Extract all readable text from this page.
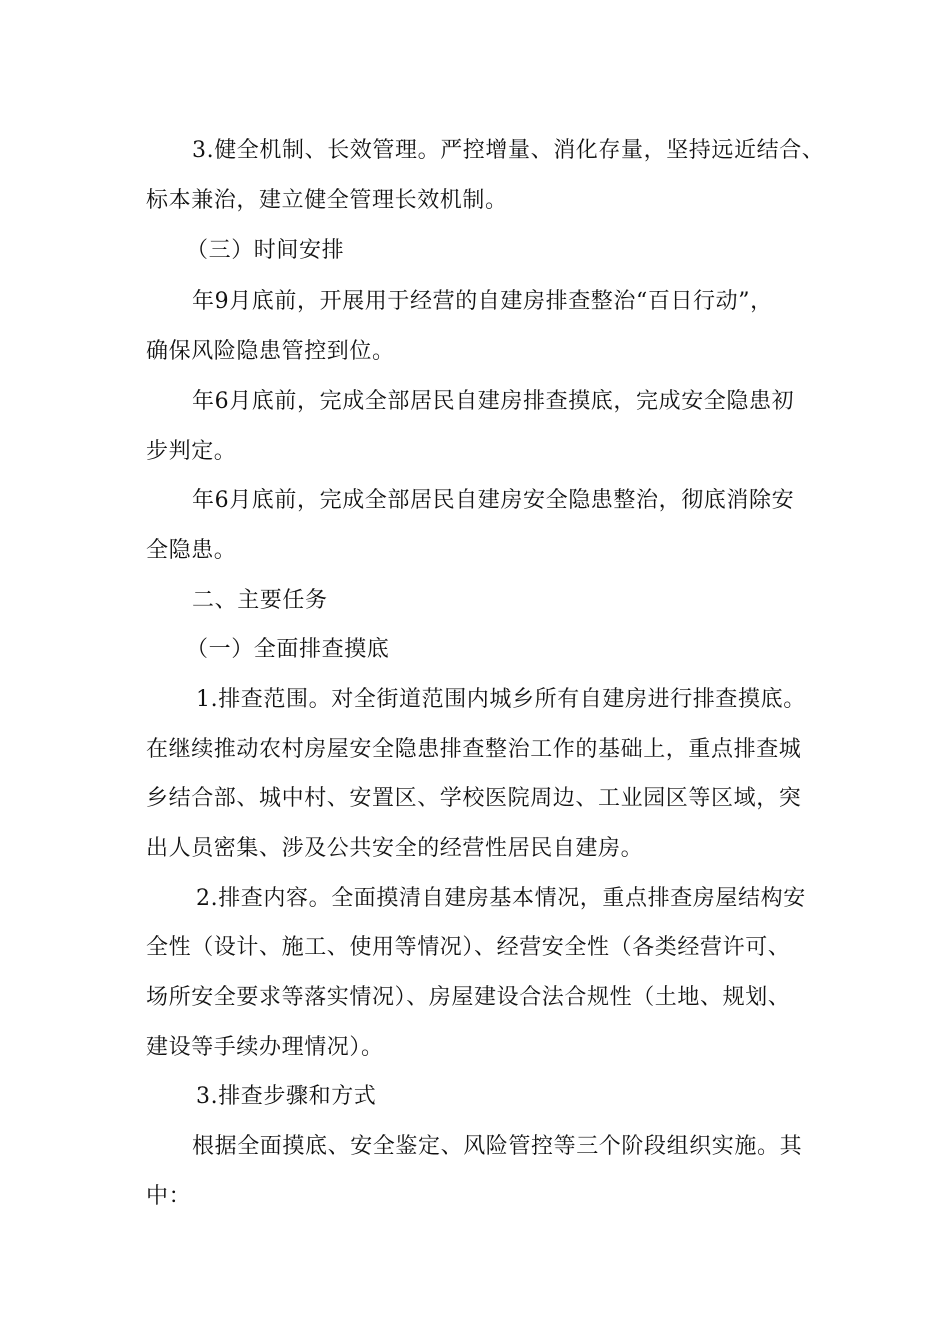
3.健全机制、长效管理。严控增量、消化存量，坚持远近结合、
标本兼治，建立健全管理长效机制。
（三）时间安排
年9月底前，开展用于经营的自建房排查整治“百日行动”，
确保风险隐患管控到位。
年6月底前，完成全部居民自建房排查摸底，完成安全隐患初
步判定。
年6月底前，完成全部居民自建房安全隐患整治，彻底消除安
全隐患。
二、主要任务
（一）全面排查摸底
1.排查范围。对全街道范围内城乡所有自建房进行排查摸底。
在继续推动农村房屋安全隐患排查整治工作的基础上，重点排查城
乡结合部、城中村、安置区、学校医院周边、工业园区等区域，突
出人员密集、涉及公共安全的经营性居民自建房。
2.排查内容。全面摸清自建房基本情况，重点排查房屋结构安
全性（设计、施工、使用等情况）、经营安全性（各类经营许可、
场所安全要求等落实情况）、房屋建设合法合规性（土地、规划、
建设等手续办理情况）。
3.排查步骤和方式
根据全面摸底、安全鉴定、风险管控等三个阶段组织实施。其
中：
